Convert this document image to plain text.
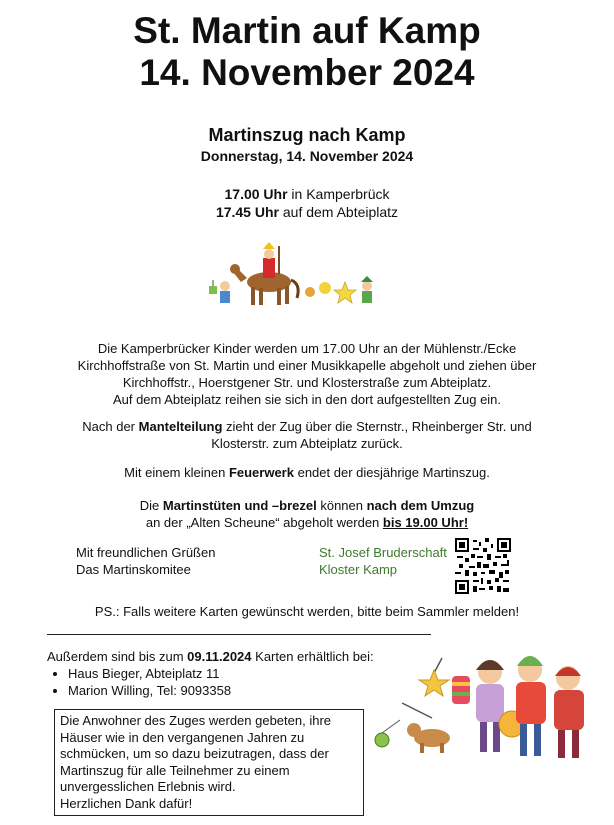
St. Martin auf Kamp
14. November 2024
Martinszug nach Kamp
Donnerstag, 14. November 2024
17.00 Uhr in Kamperbrück
17.45 Uhr auf dem Abteiplatz
Die Kamperbrücker Kinder werden um 17.00 Uhr an der Mühlenstr./Ecke
Kirchhoffstraße von St. Martin und einer Musikkapelle abgeholt und ziehen über
Kirchhoffstr., Hoerstgener Str. und Klosterstraße zum Abteiplatz.
Auf dem Abteiplatz reihen sie sich in den dort aufgestellten Zug ein.
Nach der Mantelteilung zieht der Zug über die Sternstr., Rheinberger Str. und
Klosterstr. zum Abteiplatz zurück.
Mit einem kleinen Feuerwerk endet der diesjährige Martinszug.
Die Martinstüten und –brezel können nach dem Umzug
an der „Alten Scheune“ abgeholt werden bis 19.00 Uhr!
Mit freundlichen Grüßen
Das Martinskomitee
St. Josef Bruderschaft
Kloster Kamp
PS.: Falls weitere Karten gewünscht werden, bitte beim Sammler melden!
Außerdem sind bis zum 09.11.2024 Karten erhältlich bei:
• Haus Bieger, Abteiplatz 11
• Marion Willing, Tel: 9093358
Die Anwohner des Zuges werden gebeten, ihre
Häuser wie in den vergangenen Jahren zu
schmücken, um so dazu beizutragen, dass der
Martinszug für alle Teilnehmer zu einem
unvergesslichen Erlebnis wird.
Herzlichen Dank dafür!
